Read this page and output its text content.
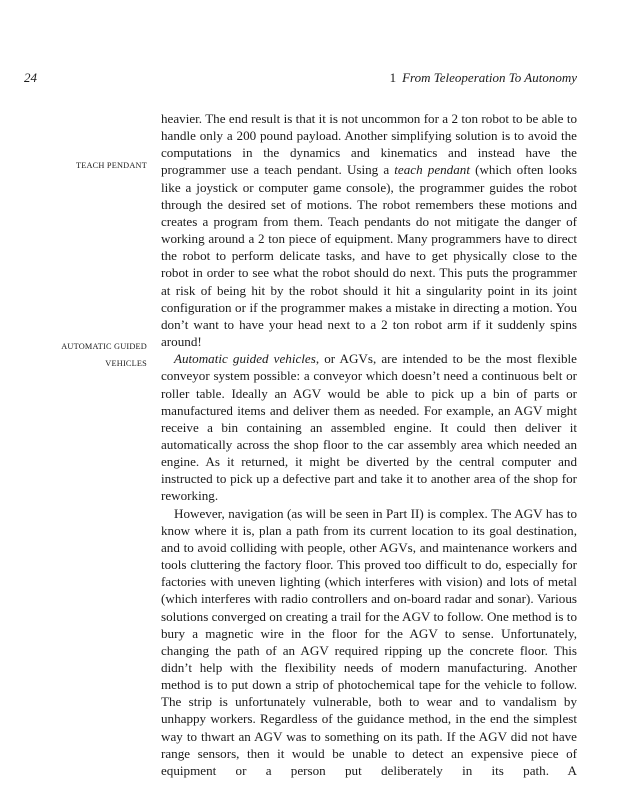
24	1 From Teleoperation To Autonomy
TEACH PENDANT
AUTOMATIC GUIDED
VEHICLES

heavier. The end result is that it is not uncommon for a 2 ton robot to be able to handle only a 200 pound payload. Another simplifying solution is to avoid the computations in the dynamics and kinematics and instead have the programmer use a teach pendant. Using a teach pendant (which often looks like a joystick or computer game console), the programmer guides the robot through the desired set of motions. The robot remembers these motions and creates a program from them. Teach pendants do not mitigate the danger of working around a 2 ton piece of equipment. Many programmers have to direct the robot to perform delicate tasks, and have to get physically close to the robot in order to see what the robot should do next. This puts the programmer at risk of being hit by the robot should it hit a singularity point in its joint configuration or if the programmer makes a mistake in directing a motion. You don’t want to have your head next to a 2 ton robot arm if it suddenly spins around!

Automatic guided vehicles, or AGVs, are intended to be the most flexible conveyor system possible: a conveyor which doesn’t need a continuous belt or roller table. Ideally an AGV would be able to pick up a bin of parts or manufactured items and deliver them as needed. For example, an AGV might receive a bin containing an assembled engine. It could then deliver it automatically across the shop floor to the car assembly area which needed an engine. As it returned, it might be diverted by the central computer and instructed to pick up a defective part and take it to another area of the shop for reworking.

However, navigation (as will be seen in Part II) is complex. The AGV has to know where it is, plan a path from its current location to its goal destination, and to avoid colliding with people, other AGVs, and maintenance workers and tools cluttering the factory floor. This proved too difficult to do, especially for factories with uneven lighting (which interferes with vision) and lots of metal (which interferes with radio controllers and on-board radar and sonar). Various solutions converged on creating a trail for the AGV to follow. One method is to bury a magnetic wire in the floor for the AGV to sense. Unfortunately, changing the path of an AGV required ripping up the concrete floor. This didn’t help with the flexibility needs of modern manufacturing. Another method is to put down a strip of photochemical tape for the vehicle to follow. The strip is unfortunately vulnerable, both to wear and to vandalism by unhappy workers. Regardless of the guidance method, in the end the simplest way to thwart an AGV was to something on its path. If the AGV did not have range sensors, then it would be unable to detect an expensive piece of equipment or a person put deliberately in its path. A
